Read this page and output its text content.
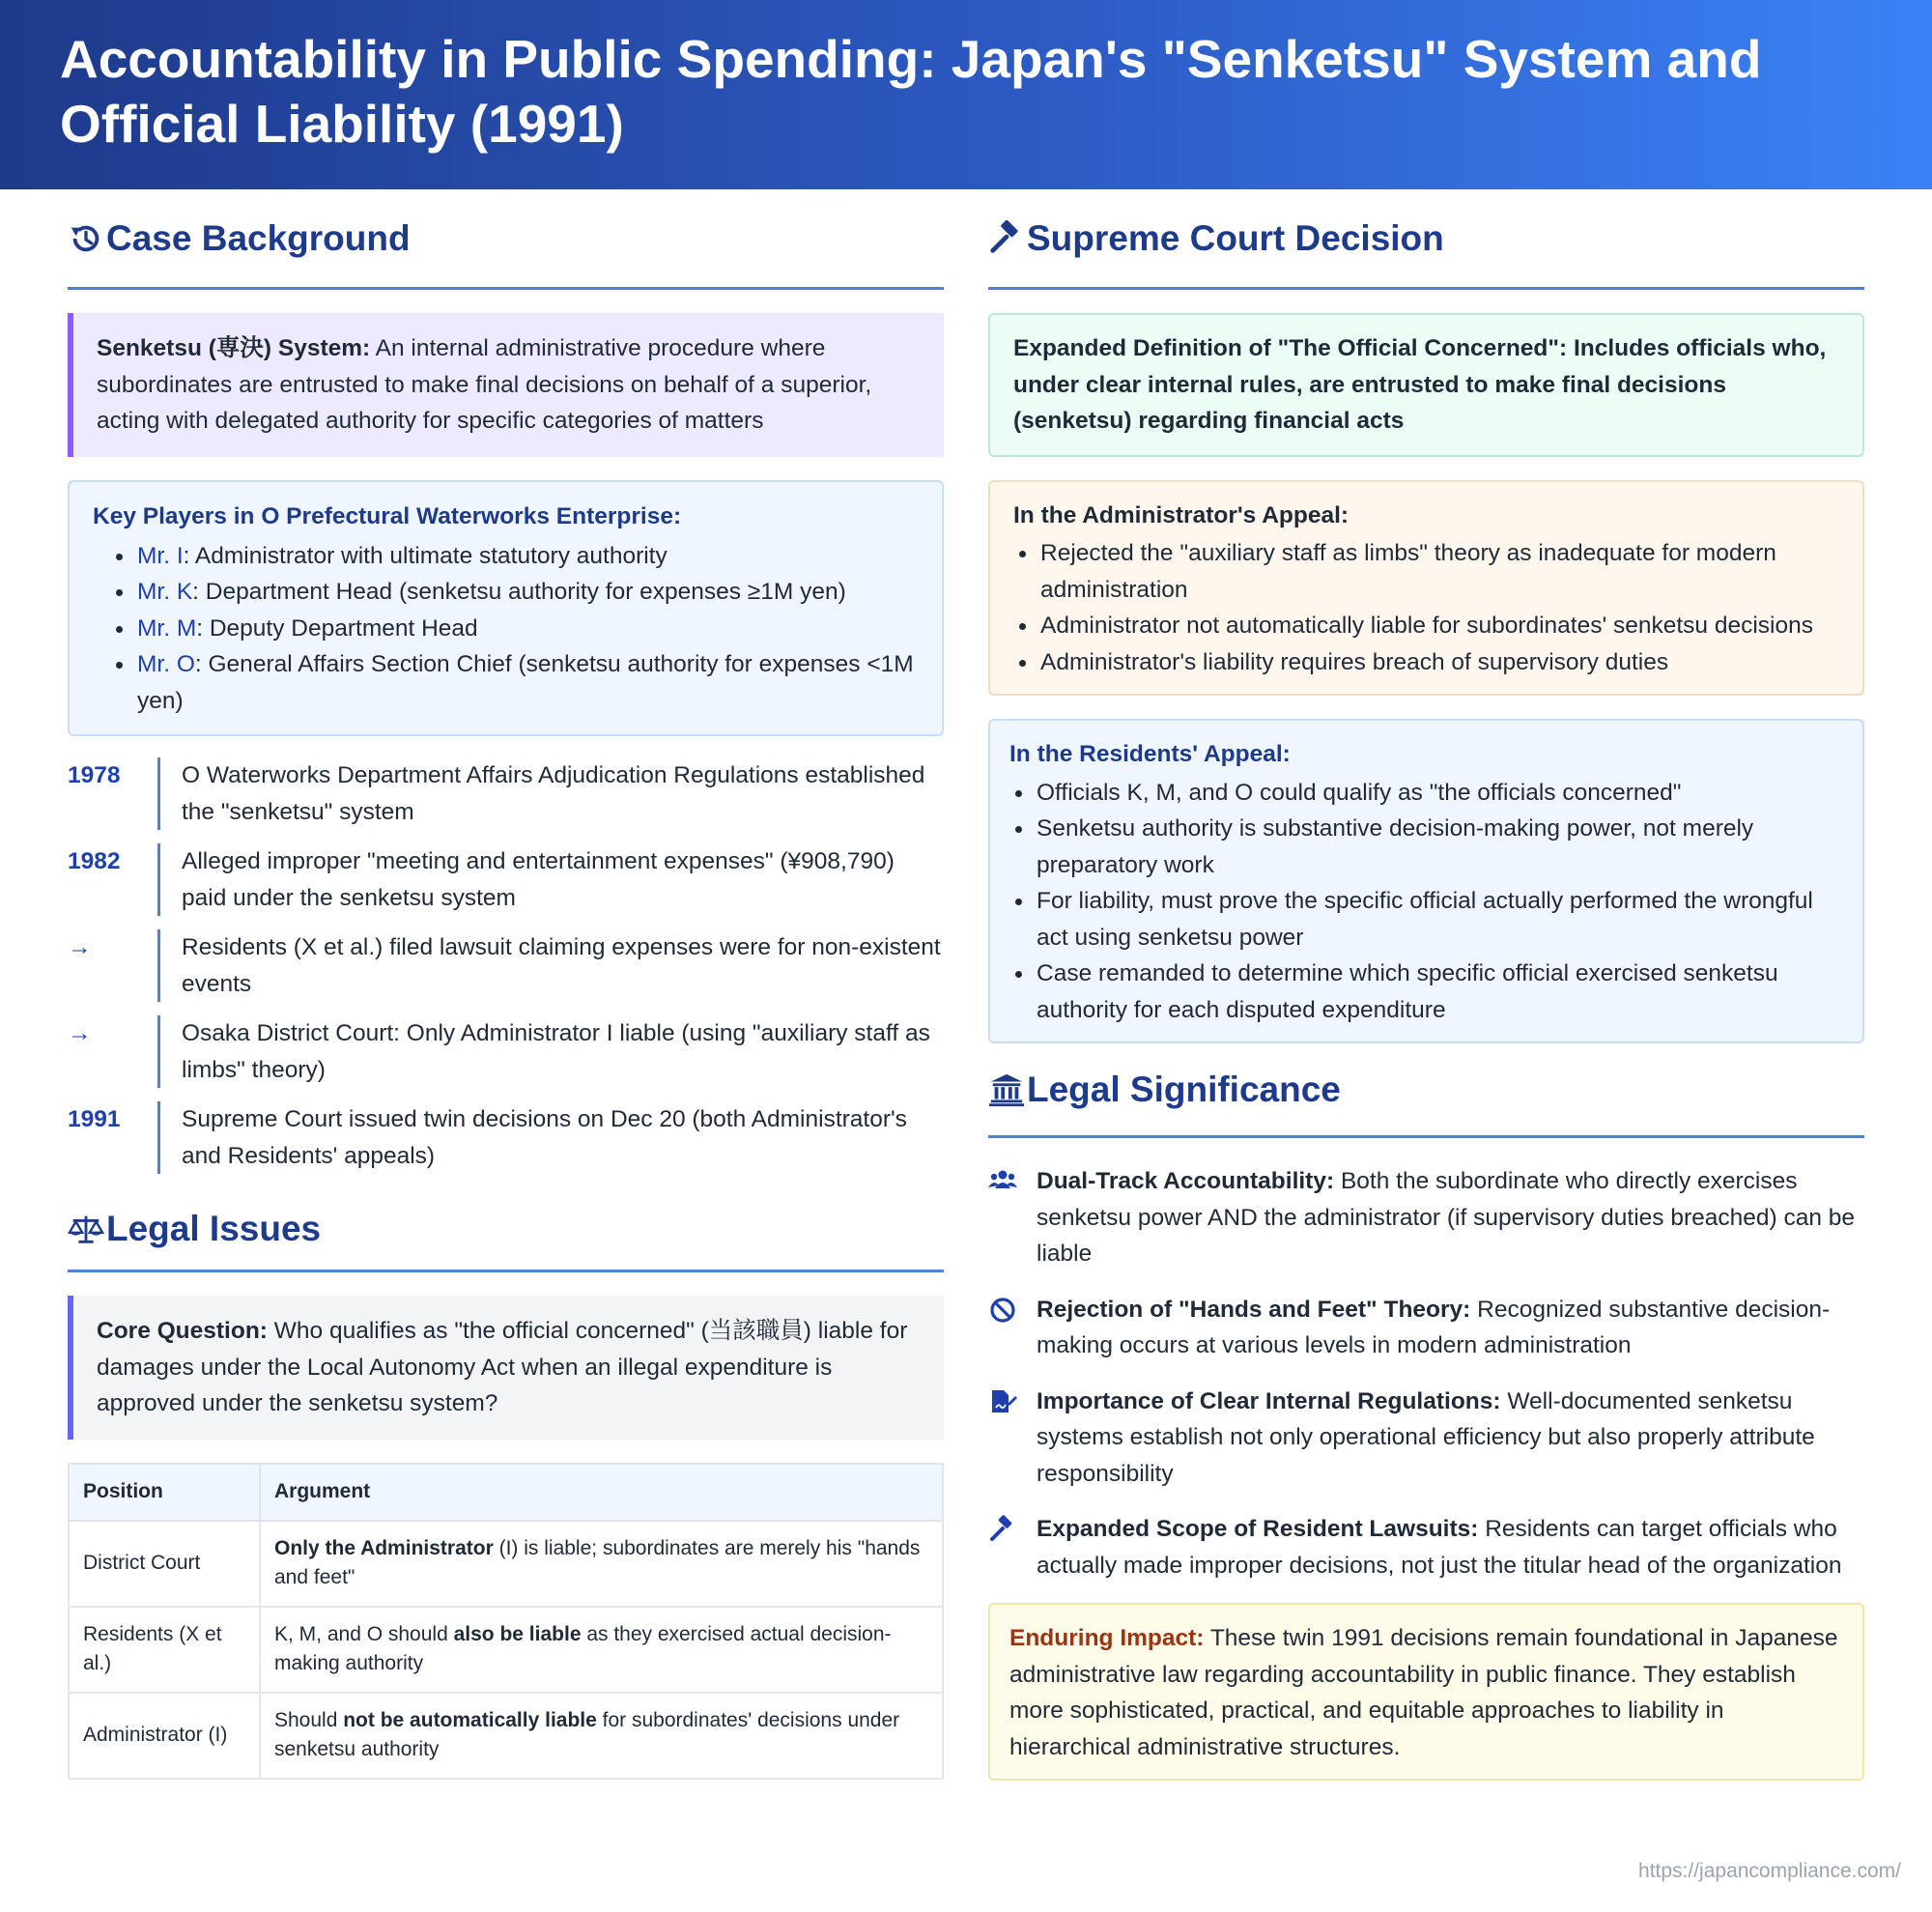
Accountability in Public Spending: Japan's "Senketsu" System and Official Liability (1991)
Case Background
Senketsu (専決) System: An internal administrative procedure where subordinates are entrusted to make final decisions on behalf of a superior, acting with delegated authority for specific categories of matters
Key Players in O Prefectural Waterworks Enterprise:
Mr. I: Administrator with ultimate statutory authority
Mr. K: Department Head (senketsu authority for expenses ≥1M yen)
Mr. M: Deputy Department Head
Mr. O: General Affairs Section Chief (senketsu authority for expenses <1M yen)
1978	O Waterworks Department Affairs Adjudication Regulations established the "senketsu" system
1982	Alleged improper "meeting and entertainment expenses" (¥908,790) paid under the senketsu system
→	Residents (X et al.) filed lawsuit claiming expenses were for non-existent events
→	Osaka District Court: Only Administrator I liable (using "auxiliary staff as limbs" theory)
1991	Supreme Court issued twin decisions on Dec 20 (both Administrator's and Residents' appeals)
Legal Issues
Core Question: Who qualifies as "the official concerned" (当該職員) liable for damages under the Local Autonomy Act when an illegal expenditure is approved under the senketsu system?
Position	Argument
District Court	Only the Administrator (I) is liable; subordinates are merely his "hands and feet"
Residents (X et al.)	K, M, and O should also be liable as they exercised actual decision-making authority
Administrator (I)	Should not be automatically liable for subordinates' decisions under senketsu authority
Supreme Court Decision
Expanded Definition of "The Official Concerned": Includes officials who, under clear internal rules, are entrusted to make final decisions (senketsu) regarding financial acts
In the Administrator's Appeal:
Rejected the "auxiliary staff as limbs" theory as inadequate for modern administration
Administrator not automatically liable for subordinates' senketsu decisions
Administrator's liability requires breach of supervisory duties
In the Residents' Appeal:
Officials K, M, and O could qualify as "the officials concerned"
Senketsu authority is substantive decision-making power, not merely preparatory work
For liability, must prove the specific official actually performed the wrongful act using senketsu power
Case remanded to determine which specific official exercised senketsu authority for each disputed expenditure
Legal Significance
Dual-Track Accountability: Both the subordinate who directly exercises senketsu power AND the administrator (if supervisory duties breached) can be liable
Rejection of "Hands and Feet" Theory: Recognized substantive decision-making occurs at various levels in modern administration
Importance of Clear Internal Regulations: Well-documented senketsu systems establish not only operational efficiency but also properly attribute responsibility
Expanded Scope of Resident Lawsuits: Residents can target officials who actually made improper decisions, not just the titular head of the organization
Enduring Impact: These twin 1991 decisions remain foundational in Japanese administrative law regarding accountability in public finance. They establish more sophisticated, practical, and equitable approaches to liability in hierarchical administrative structures.
https://japancompliance.com/
